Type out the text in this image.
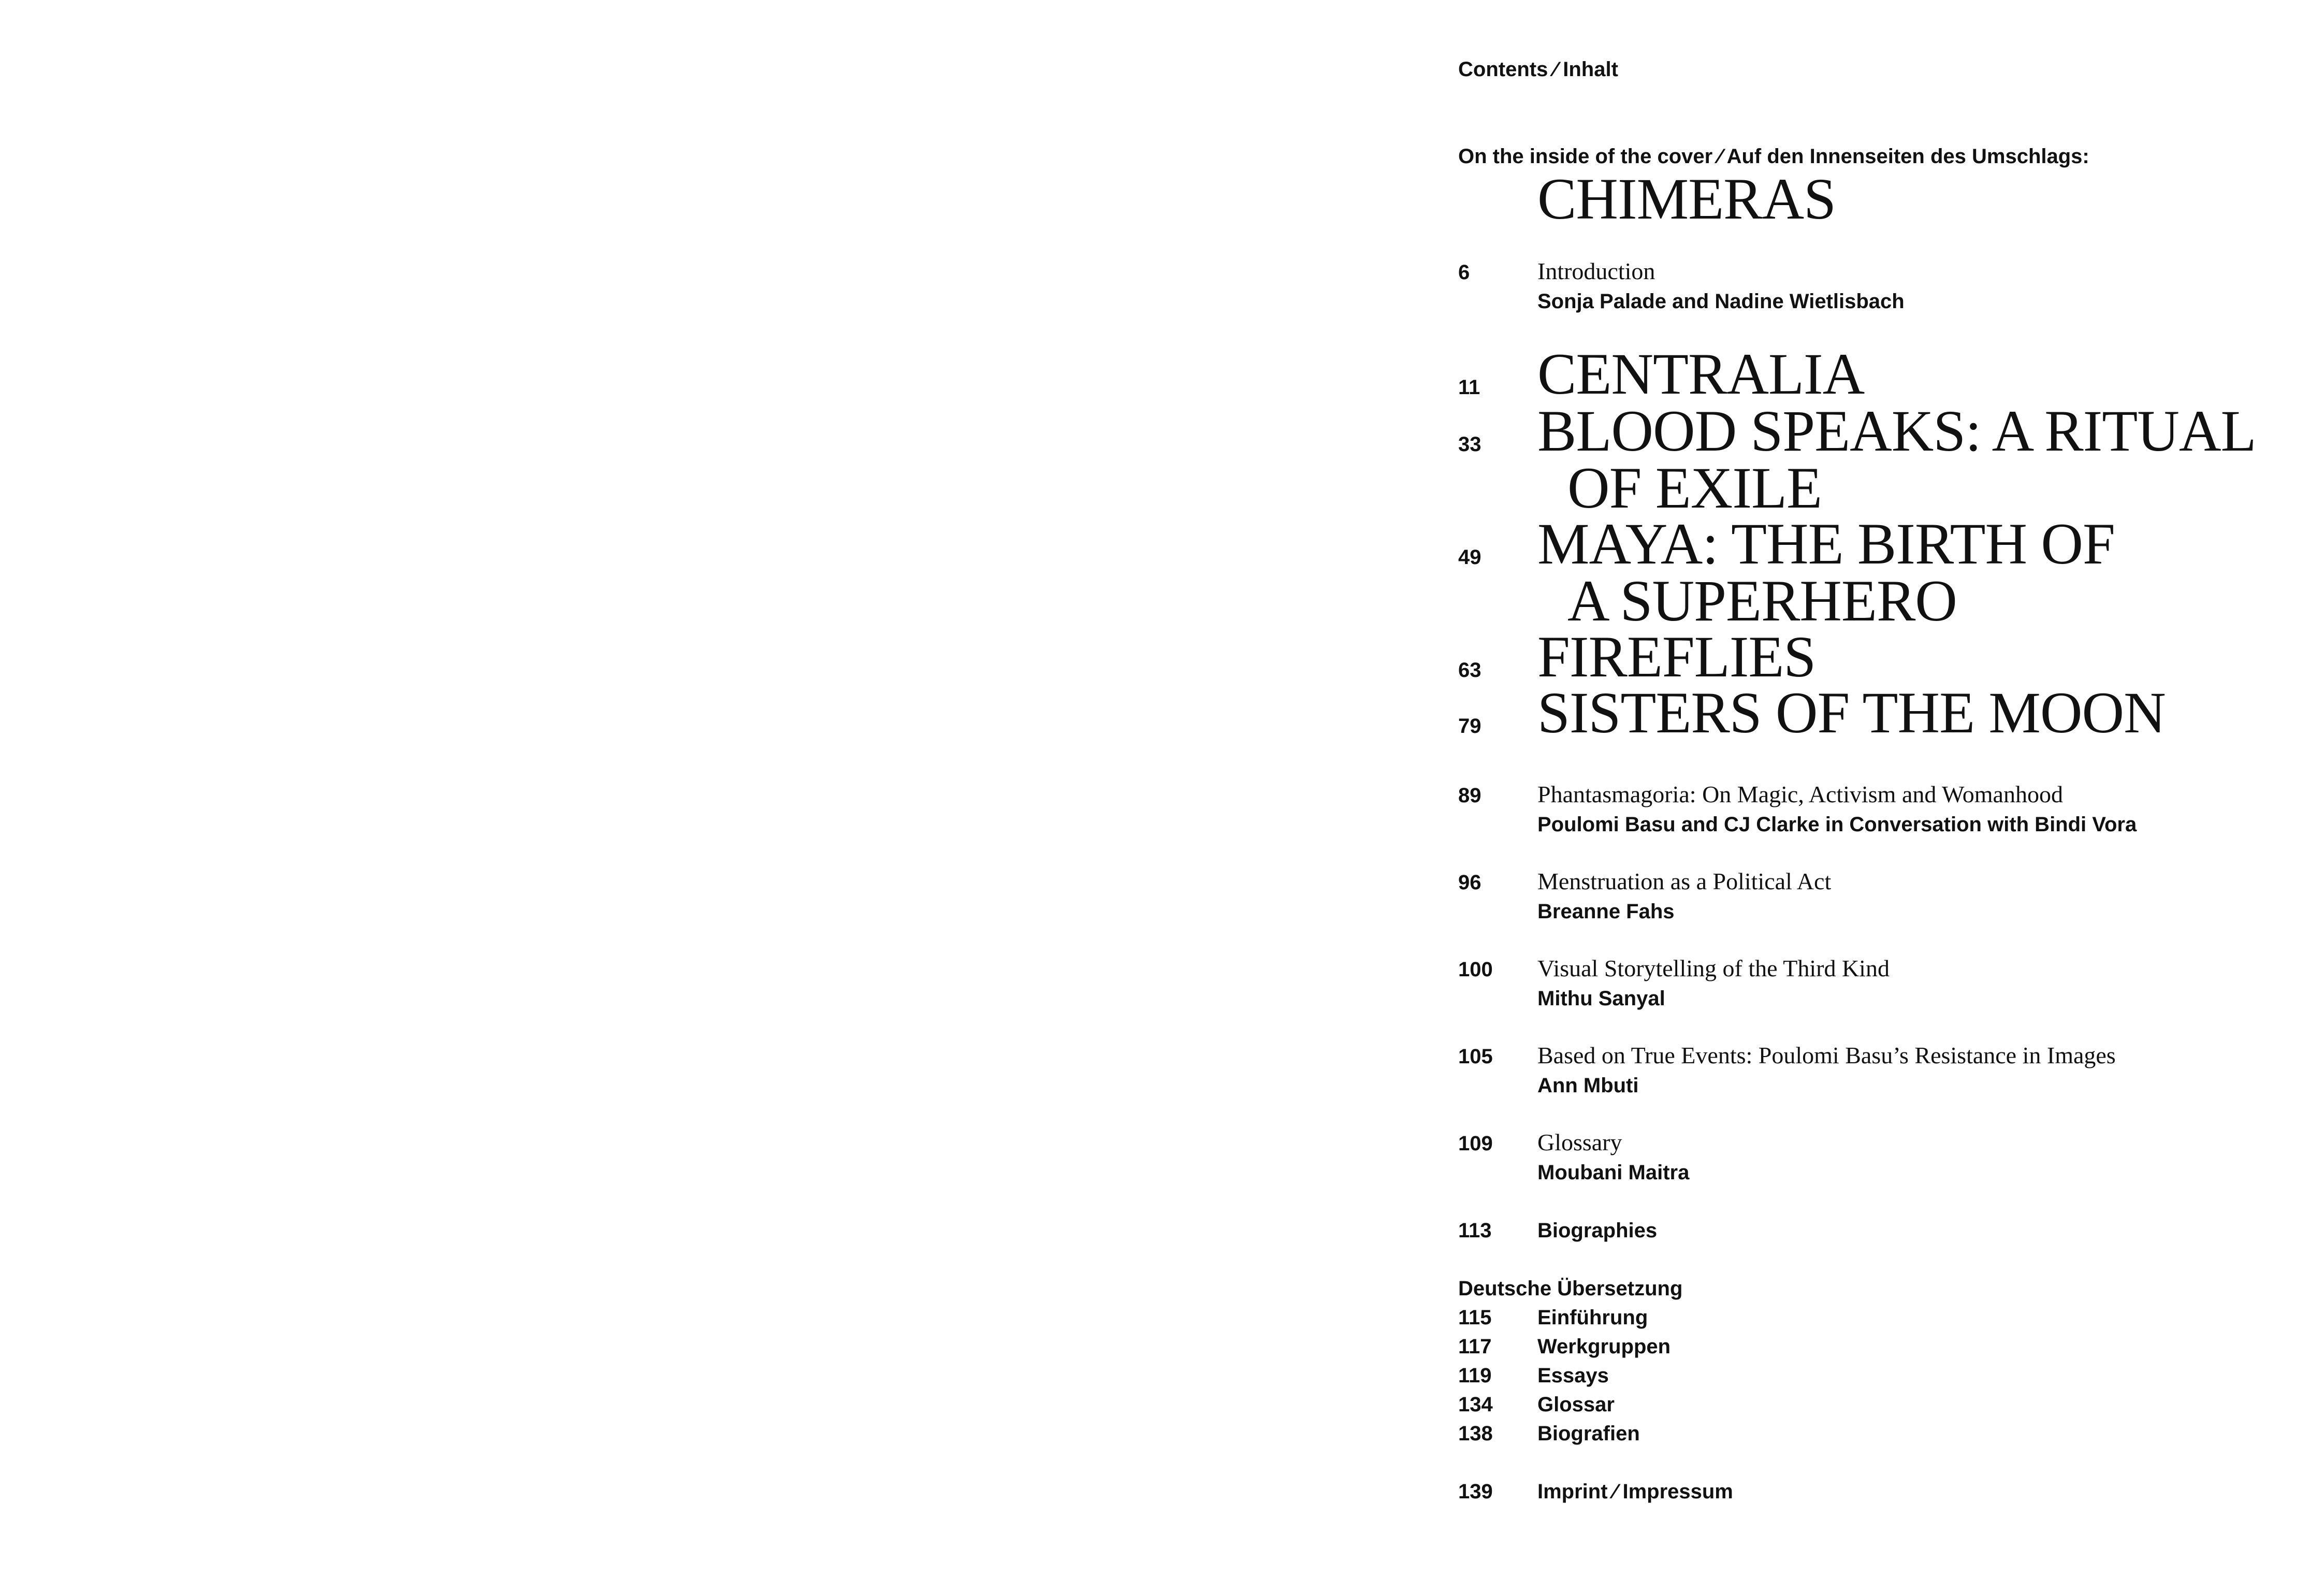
Contents ⁄ Inhalt

On the inside of the cover ⁄ Auf den Innenseiten des Umschlags:

CHIMERAS

6	Introduction

Sonja Palade and Nadine Wietlisbach

11 CENTRALIA

33 BLOOD SPEAKS: A RITUAL
OF EXILE

49 MAYA: THE BIRTH OF
A SUPERHERO

63 FIREFLIES

79 SISTERS OF THE MOON

89 Phantasmagoria: On Magic, Activism and Womanhood

Poulomi Basu and CJ Clarke in Conversation with Bindi Vora

96 Menstruation as a Political Act

Breanne Fahs

100 Visual Storytelling of the Third Kind

Mithu Sanyal

105 Based on True Events: Poulomi Basu’s Resistance in Images

Ann Mbuti

109 Glossary

Moubani Maitra

113 Biographies

Deutsche Übersetzung

115 Einführung

117 Werkgruppen

119 Essays

134 Glossar

138 Biografien

139 Imprint ⁄ Impressum
